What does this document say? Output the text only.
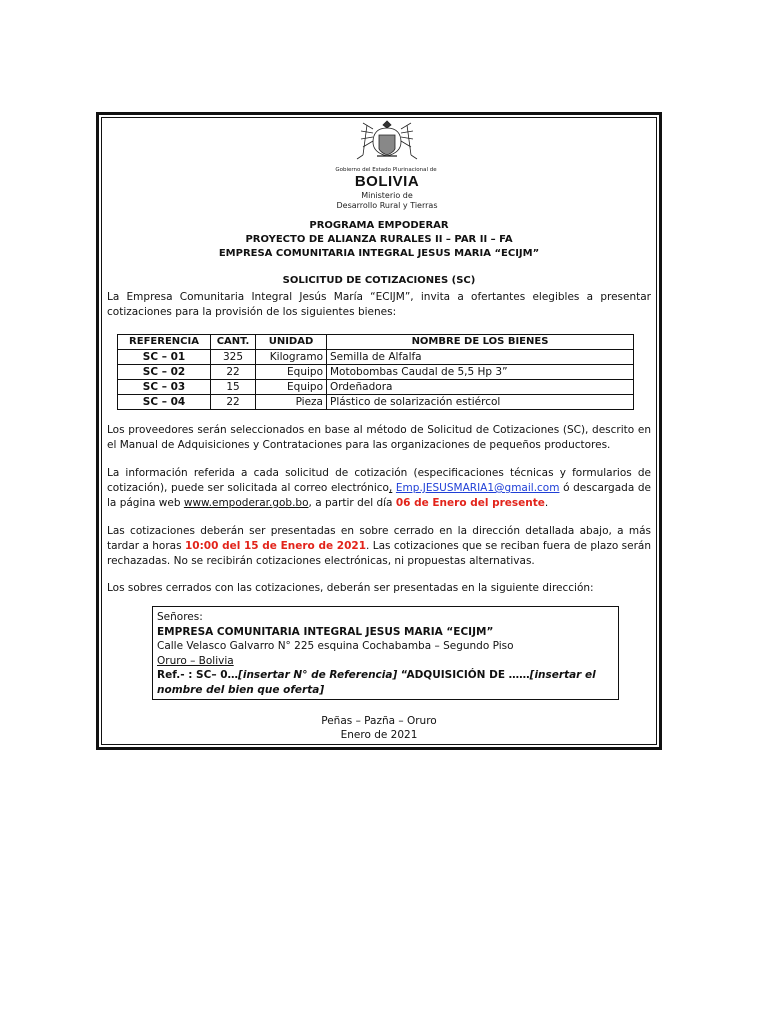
Gobierno del Estado Plurinacional de
BOLIVIA
Ministerio de
Desarrollo Rural y Tierras
PROGRAMA EMPODERAR
PROYECTO DE ALIANZA RURALES II – PAR II – FA
EMPRESA COMUNITARIA INTEGRAL JESUS MARIA “ECIJM”
SOLICITUD DE COTIZACIONES (SC)

La Empresa Comunitaria Integral Jesús María “ECIJM”, invita a ofertantes elegibles a presentar cotizaciones para la provisión de los siguientes bienes:

REFERENCIA	CANT.	UNIDAD	NOMBRE DE LOS BIENES
SC – 01	325	Kilogramo	Semilla de Alfalfa
SC – 02	22	Equipo	Motobombas Caudal de 5,5 Hp 3”
SC – 03	15	Equipo	Ordeñadora
SC – 04	22	Pieza	Plástico de solarización estiércol

Los proveedores serán seleccionados en base al método de Solicitud de Cotizaciones (SC), descrito en el Manual de Adquisiciones y Contrataciones para las organizaciones de pequeños productores.

La información referida a cada solicitud de cotización (especificaciones técnicas y formularios de cotización), puede ser solicitada al correo electrónico, Emp.JESUSMARIA1@gmail.com ó descargada de la página web www.empoderar.gob.bo, a partir del día 06 de Enero del presente.

Las cotizaciones deberán ser presentadas en sobre cerrado en la dirección detallada abajo, a más tardar a horas 10:00 del 15 de Enero de 2021. Las cotizaciones que se reciban fuera de plazo serán rechazadas. No se recibirán cotizaciones electrónicas, ni propuestas alternativas.

Los sobres cerrados con las cotizaciones, deberán ser presentadas en la siguiente dirección:

Señores:
EMPRESA COMUNITARIA INTEGRAL JESUS MARIA “ECIJM”
Calle Velasco Galvarro N° 225 esquina Cochabamba – Segundo Piso
Oruro – Bolivia
Ref.- : SC– 0…[insertar N° de Referencia] “ADQUISICIÓN DE ……[insertar el nombre del bien que oferta]
Peñas – Pazña – Oruro
Enero de 2021
